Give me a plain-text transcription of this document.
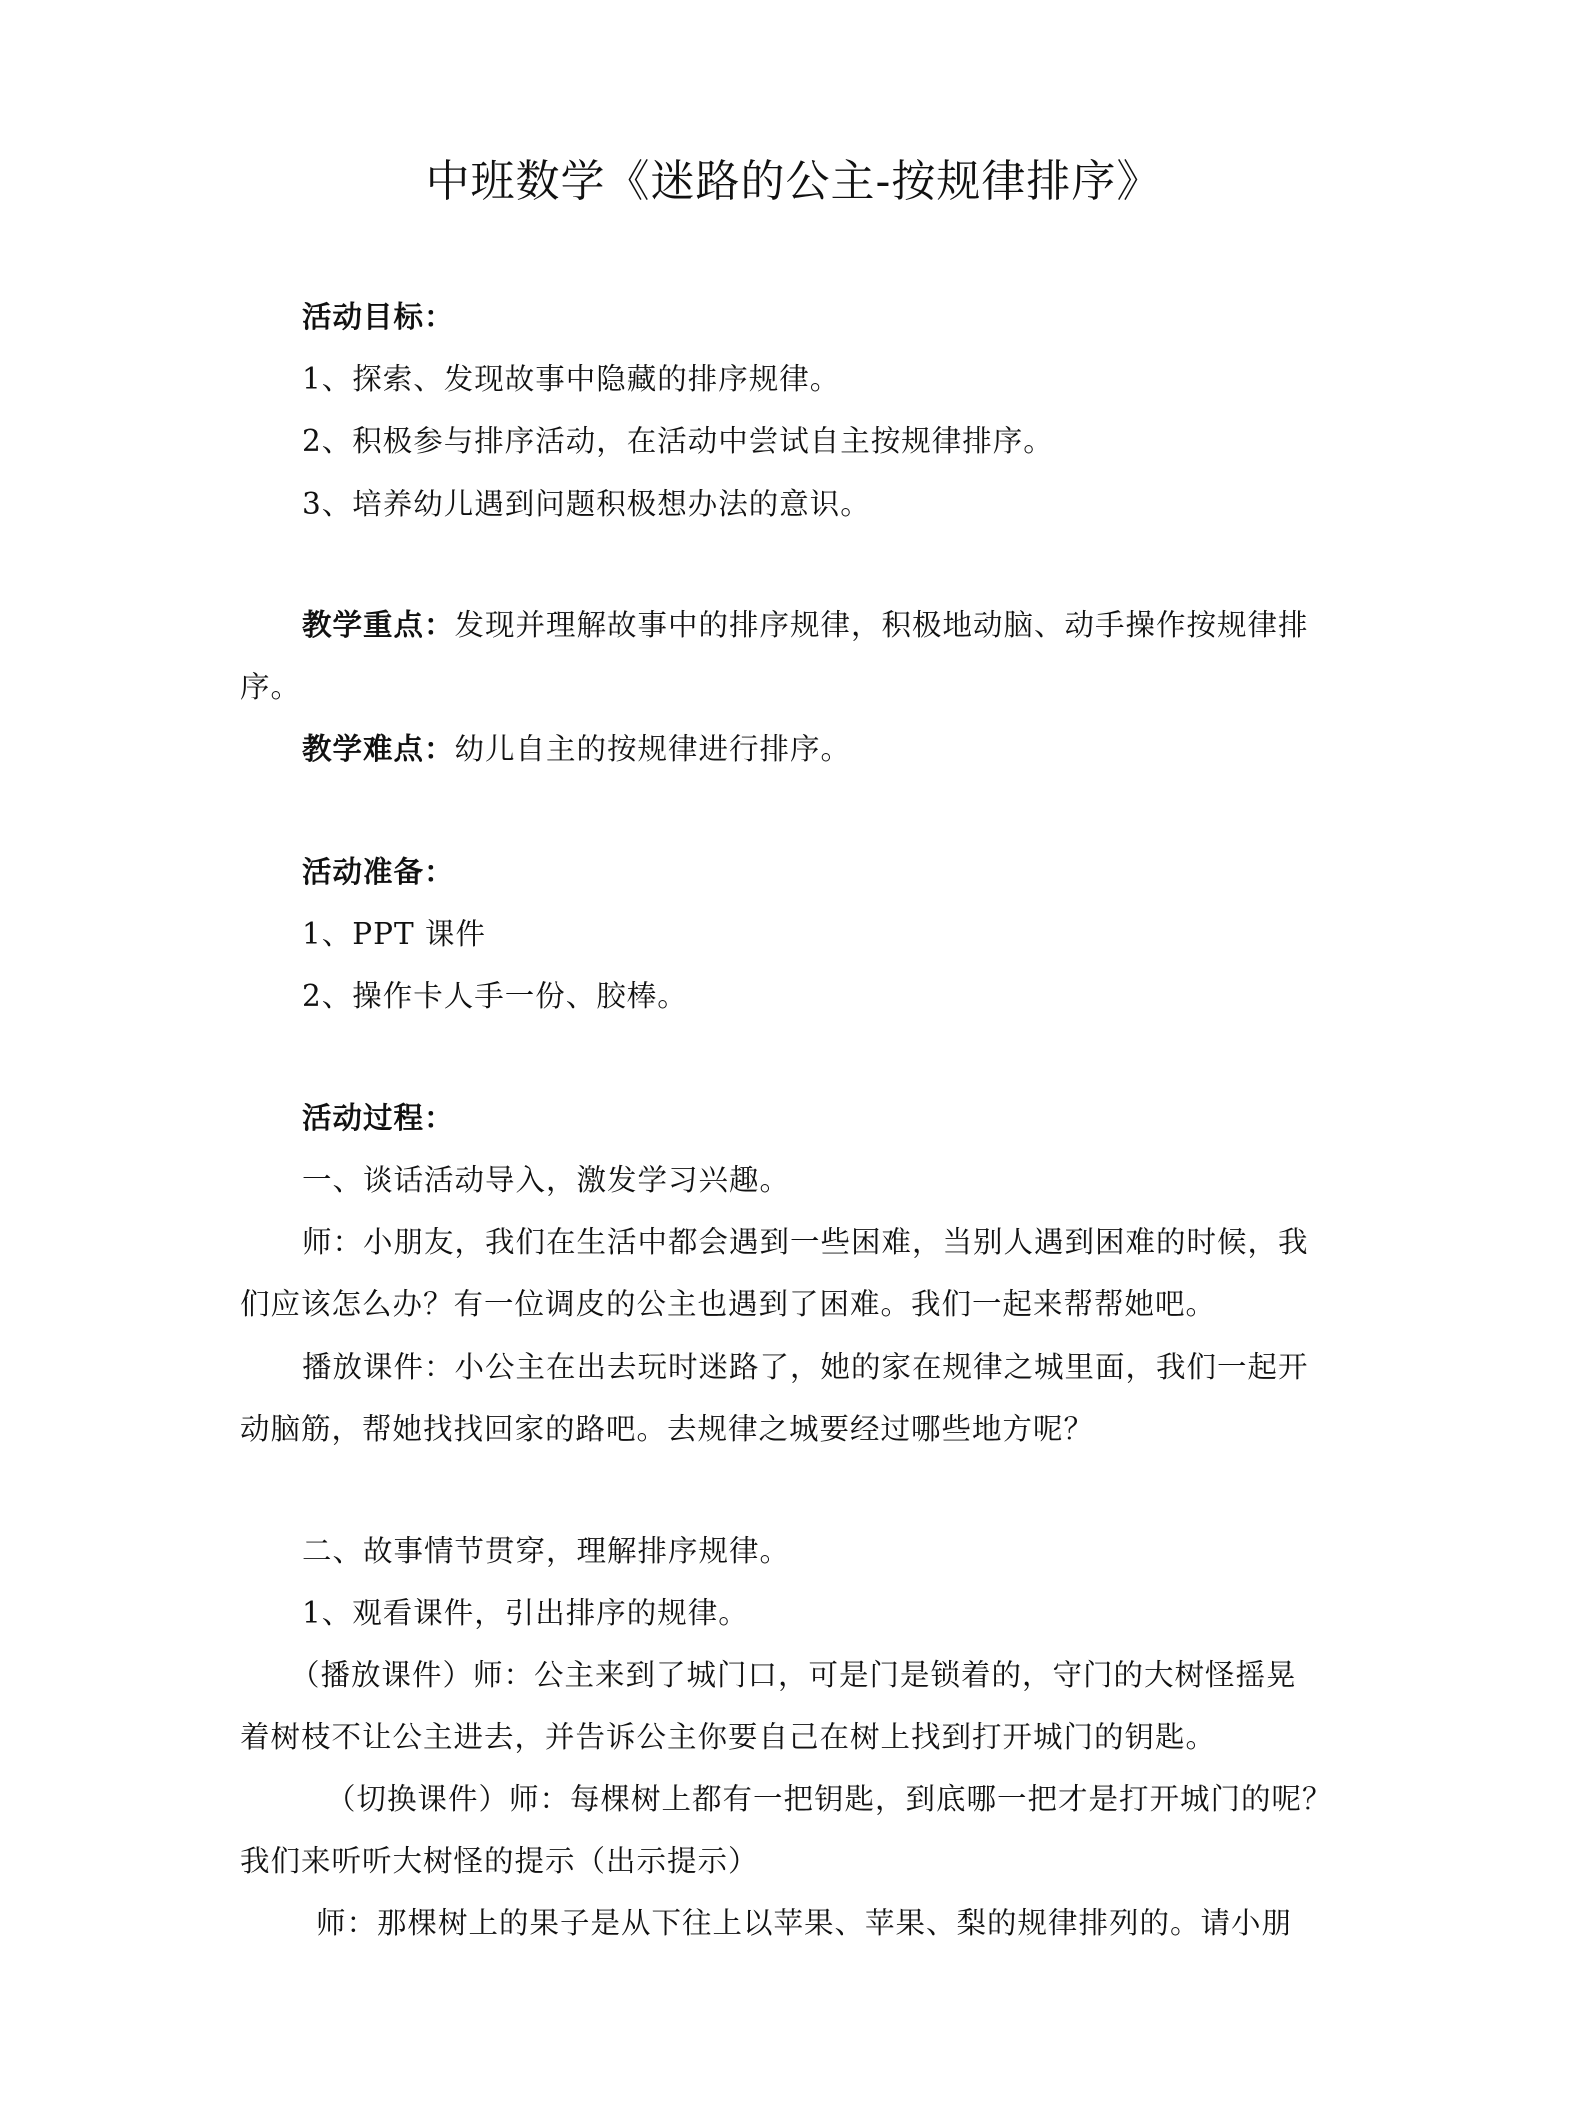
中班数学《迷路的公主-按规律排序》
活动目标：
1、探索、发现故事中隐藏的排序规律。
2、积极参与排序活动，在活动中尝试自主按规律排序。
3、培养幼儿遇到问题积极想办法的意识。
教学重点：发现并理解故事中的排序规律，积极地动脑、动手操作按规律排
序。
教学难点：幼儿自主的按规律进行排序。
活动准备：
1、PPT 课件
2、操作卡人手一份、胶棒。
活动过程：
一、谈话活动导入，激发学习兴趣。
师：小朋友，我们在生活中都会遇到一些困难，当别人遇到困难的时候，我
们应该怎么办？有一位调皮的公主也遇到了困难。我们一起来帮帮她吧。
播放课件：小公主在出去玩时迷路了，她的家在规律之城里面，我们一起开
动脑筋，帮她找找回家的路吧。去规律之城要经过哪些地方呢？
二、故事情节贯穿，理解排序规律。
1、观看课件，引出排序的规律。
（播放课件）师：公主来到了城门口，可是门是锁着的，守门的大树怪摇晃
着树枝不让公主进去，并告诉公主你要自己在树上找到打开城门的钥匙。
（切换课件）师：每棵树上都有一把钥匙，到底哪一把才是打开城门的呢？
我们来听听大树怪的提示（出示提示）
师：那棵树上的果子是从下往上以苹果、苹果、梨的规律排列的。请小朋
